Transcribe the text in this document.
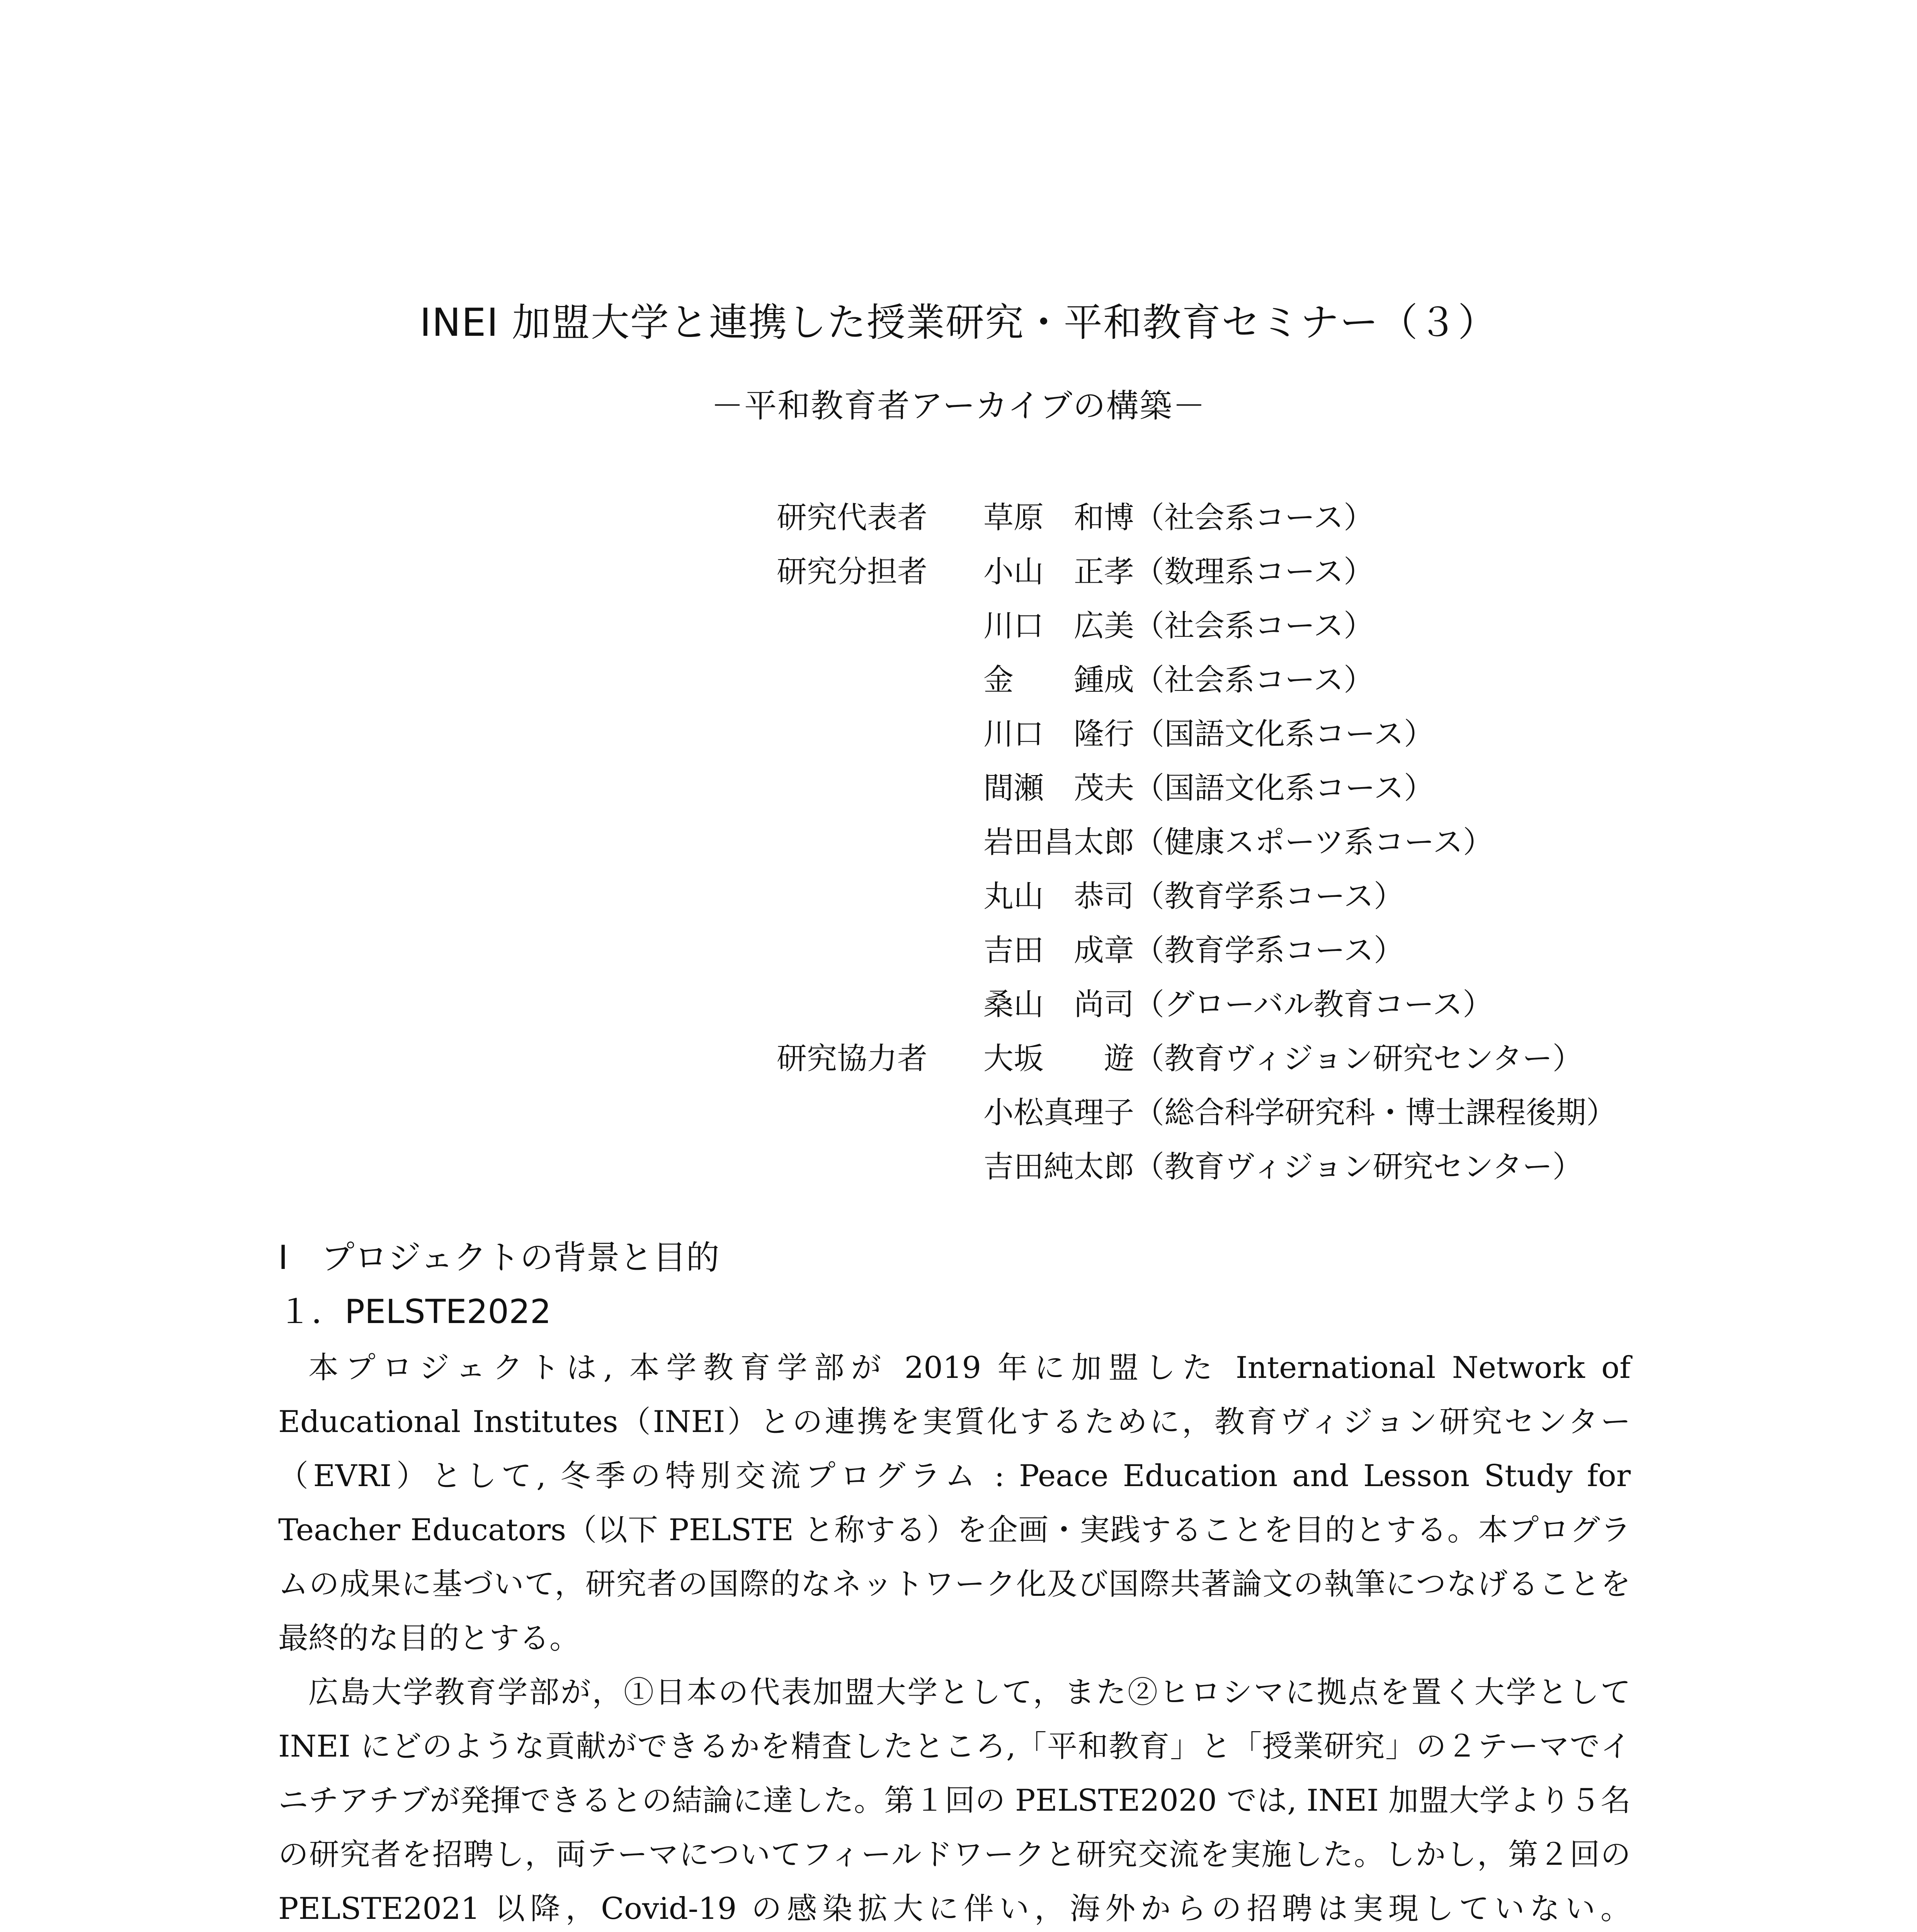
INEI 加盟大学と連携した授業研究・平和教育セミナー（３）
－平和教育者アーカイブの構築－
研究代表者	草原　和博（社会系コース）
研究分担者	小山　正孝（数理系コース）
川口　広美（社会系コース）
金　　鍾成（社会系コース）
川口　隆行（国語文化系コース）
間瀬　茂夫（国語文化系コース）
岩田昌太郎（健康スポーツ系コース）
丸山　恭司（教育学系コース）
吉田　成章（教育学系コース）
桑山　尚司（グローバル教育コース）
研究協力者	大坂　　遊（教育ヴィジョン研究センター）
小松真理子（総合科学研究科・博士課程後期）
吉田純太郎（教育ヴィジョン研究センター）
Ⅰ　プロジェクトの背景と目的
１．PELSTE2022

本プロジェクトは, 本学教育学部が 2019 年に加盟した International Network of Educational Institutes（INEI）との連携を実質化するために，教育ヴィジョン研究センター（EVRI）として, 冬季の特別交流プログラム : Peace Education and Lesson Study for Teacher Educators（以下 PELSTE と称する）を企画・実践することを目的とする。本プログラムの成果に基づいて，研究者の国際的なネットワーク化及び国際共著論文の執筆につなげることを最終的な目的とする。

広島大学教育学部が，①日本の代表加盟大学として，また②ヒロシマに拠点を置く大学として INEI にどのような貢献ができるかを精査したところ,「平和教育」と「授業研究」の２テーマでイニチアチブが発揮できるとの結論に達した。第１回の PELSTE2020 では, INEI 加盟大学より５名の研究者を招聘し，両テーマについてフィールドワークと研究交流を実施した。しかし，第２回の PELSTE2021 以降，Covid-19 の感染拡大に伴い，海外からの招聘は実現していない。
